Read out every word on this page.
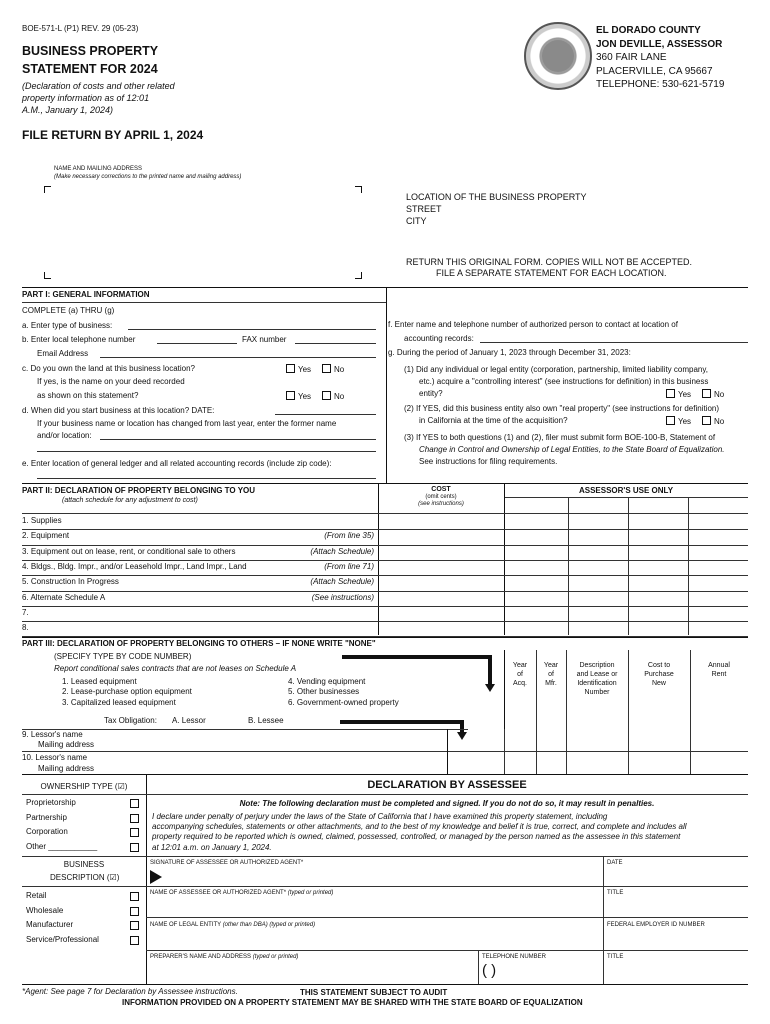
BOE-571-L (P1) REV. 29 (05-23)
BUSINESS PROPERTY
STATEMENT FOR 2024
(Declaration of costs and other related
property information as of 12:01
A.M., January 1, 2024)
FILE RETURN BY APRIL 1, 2024
EL DORADO COUNTY
JON DEVILLE, ASSESSOR
360 FAIR LANE
PLACERVILLE, CA 95667
TELEPHONE: 530-621-5719
NAME AND MAILING ADDRESS
(Make necessary corrections to the printed name and mailing address)
LOCATION OF THE BUSINESS PROPERTY
STREET
CITY
RETURN THIS ORIGINAL FORM. COPIES WILL NOT BE ACCEPTED.
FILE A SEPARATE STATEMENT FOR EACH LOCATION.
PART I: GENERAL INFORMATION
COMPLETE (a) THRU (g)
a. Enter type of business:
b. Enter local telephone number	FAX number
Email Address
c. Do you own the land at this business location?	Yes	No
If yes, is the name on your deed recorded
as shown on this statement?	Yes	No
d. When did you start business at this location? DATE:
If your business name or location has changed from last year, enter the former name
and/or location:
e. Enter location of general ledger and all related accounting records (include zip code):
f. Enter name and telephone number of authorized person to contact at location of
accounting records:
g. During the period of January 1, 2023 through December 31, 2023:
(1) Did any individual or legal entity (corporation, partnership, limited liability company,
etc.) acquire a "controlling interest" (see instructions for definition) in this business
entity?	Yes	No
(2) If YES, did this business entity also own "real property" (see instructions for definition)
in California at the time of the acquisition?	Yes	No
(3) If YES to both questions (1) and (2), filer must submit form BOE-100-B, Statement of
Change in Control and Ownership of Legal Entities, to the State Board of Equalization.
See instructions for filing requirements.
PART II: DECLARATION OF PROPERTY BELONGING TO YOU
(attach schedule for any adjustment to cost)
COST
(omit cents)
(see instructions)
ASSESSOR'S USE ONLY
1. Supplies
2. Equipment	(From line 35)
3. Equipment out on lease, rent, or conditional sale to others	(Attach Schedule)
4. Bldgs., Bldg. Impr., and/or Leasehold Impr., Land Impr., Land	(From line 71)
5. Construction In Progress	(Attach Schedule)
6. Alternate Schedule A	(See instructions)
7.
8.
PART III: DECLARATION OF PROPERTY BELONGING TO OTHERS – IF NONE WRITE "NONE"
(SPECIFY TYPE BY CODE NUMBER)
Report conditional sales contracts that are not leases on Schedule A
1. Leased equipment
2. Lease-purchase option equipment
3. Capitalized leased equipment
4. Vending equipment
5. Other businesses
6. Government-owned property
Tax Obligation: A. Lessor	B. Lessee
Year
of
Acq.
Year
of
Mfr.
Description
and Lease or
Identification
Number
Cost to
Purchase
New
Annual
Rent
9. Lessor's name
Mailing address
10. Lessor's name
Mailing address
OWNERSHIP TYPE (☑)	DECLARATION BY ASSESSEE
Proprietorship
Partnership
Corporation
Other ___________
BUSINESS
DESCRIPTION (☑)
Retail
Wholesale
Manufacturer
Service/Professional
Note: The following declaration must be completed and signed. If you do not do so, it may result in penalties.
I declare under penalty of perjury under the laws of the State of California that I have examined this property statement, including
accompanying schedules, statements or other attachments, and to the best of my knowledge and belief it is true, correct, and complete and includes all
property required to be reported which is owned, claimed, possessed, controlled, or managed by the person named as the assessee in this statement
at 12:01 a.m. on January 1, 2024.
SIGNATURE OF ASSESSEE OR AUTHORIZED AGENT*	DATE
NAME OF ASSESSEE OR AUTHORIZED AGENT* (typed or printed)	TITLE
NAME OF LEGAL ENTITY (other than DBA) (typed or printed)	FEDERAL EMPLOYER ID NUMBER
PREPARER'S NAME AND ADDRESS (typed or printed)	TELEPHONE NUMBER
( )
TITLE
*Agent: See page 7 for Declaration by Assessee instructions.	THIS STATEMENT SUBJECT TO AUDIT
INFORMATION PROVIDED ON A PROPERTY STATEMENT MAY BE SHARED WITH THE STATE BOARD OF EQUALIZATION
